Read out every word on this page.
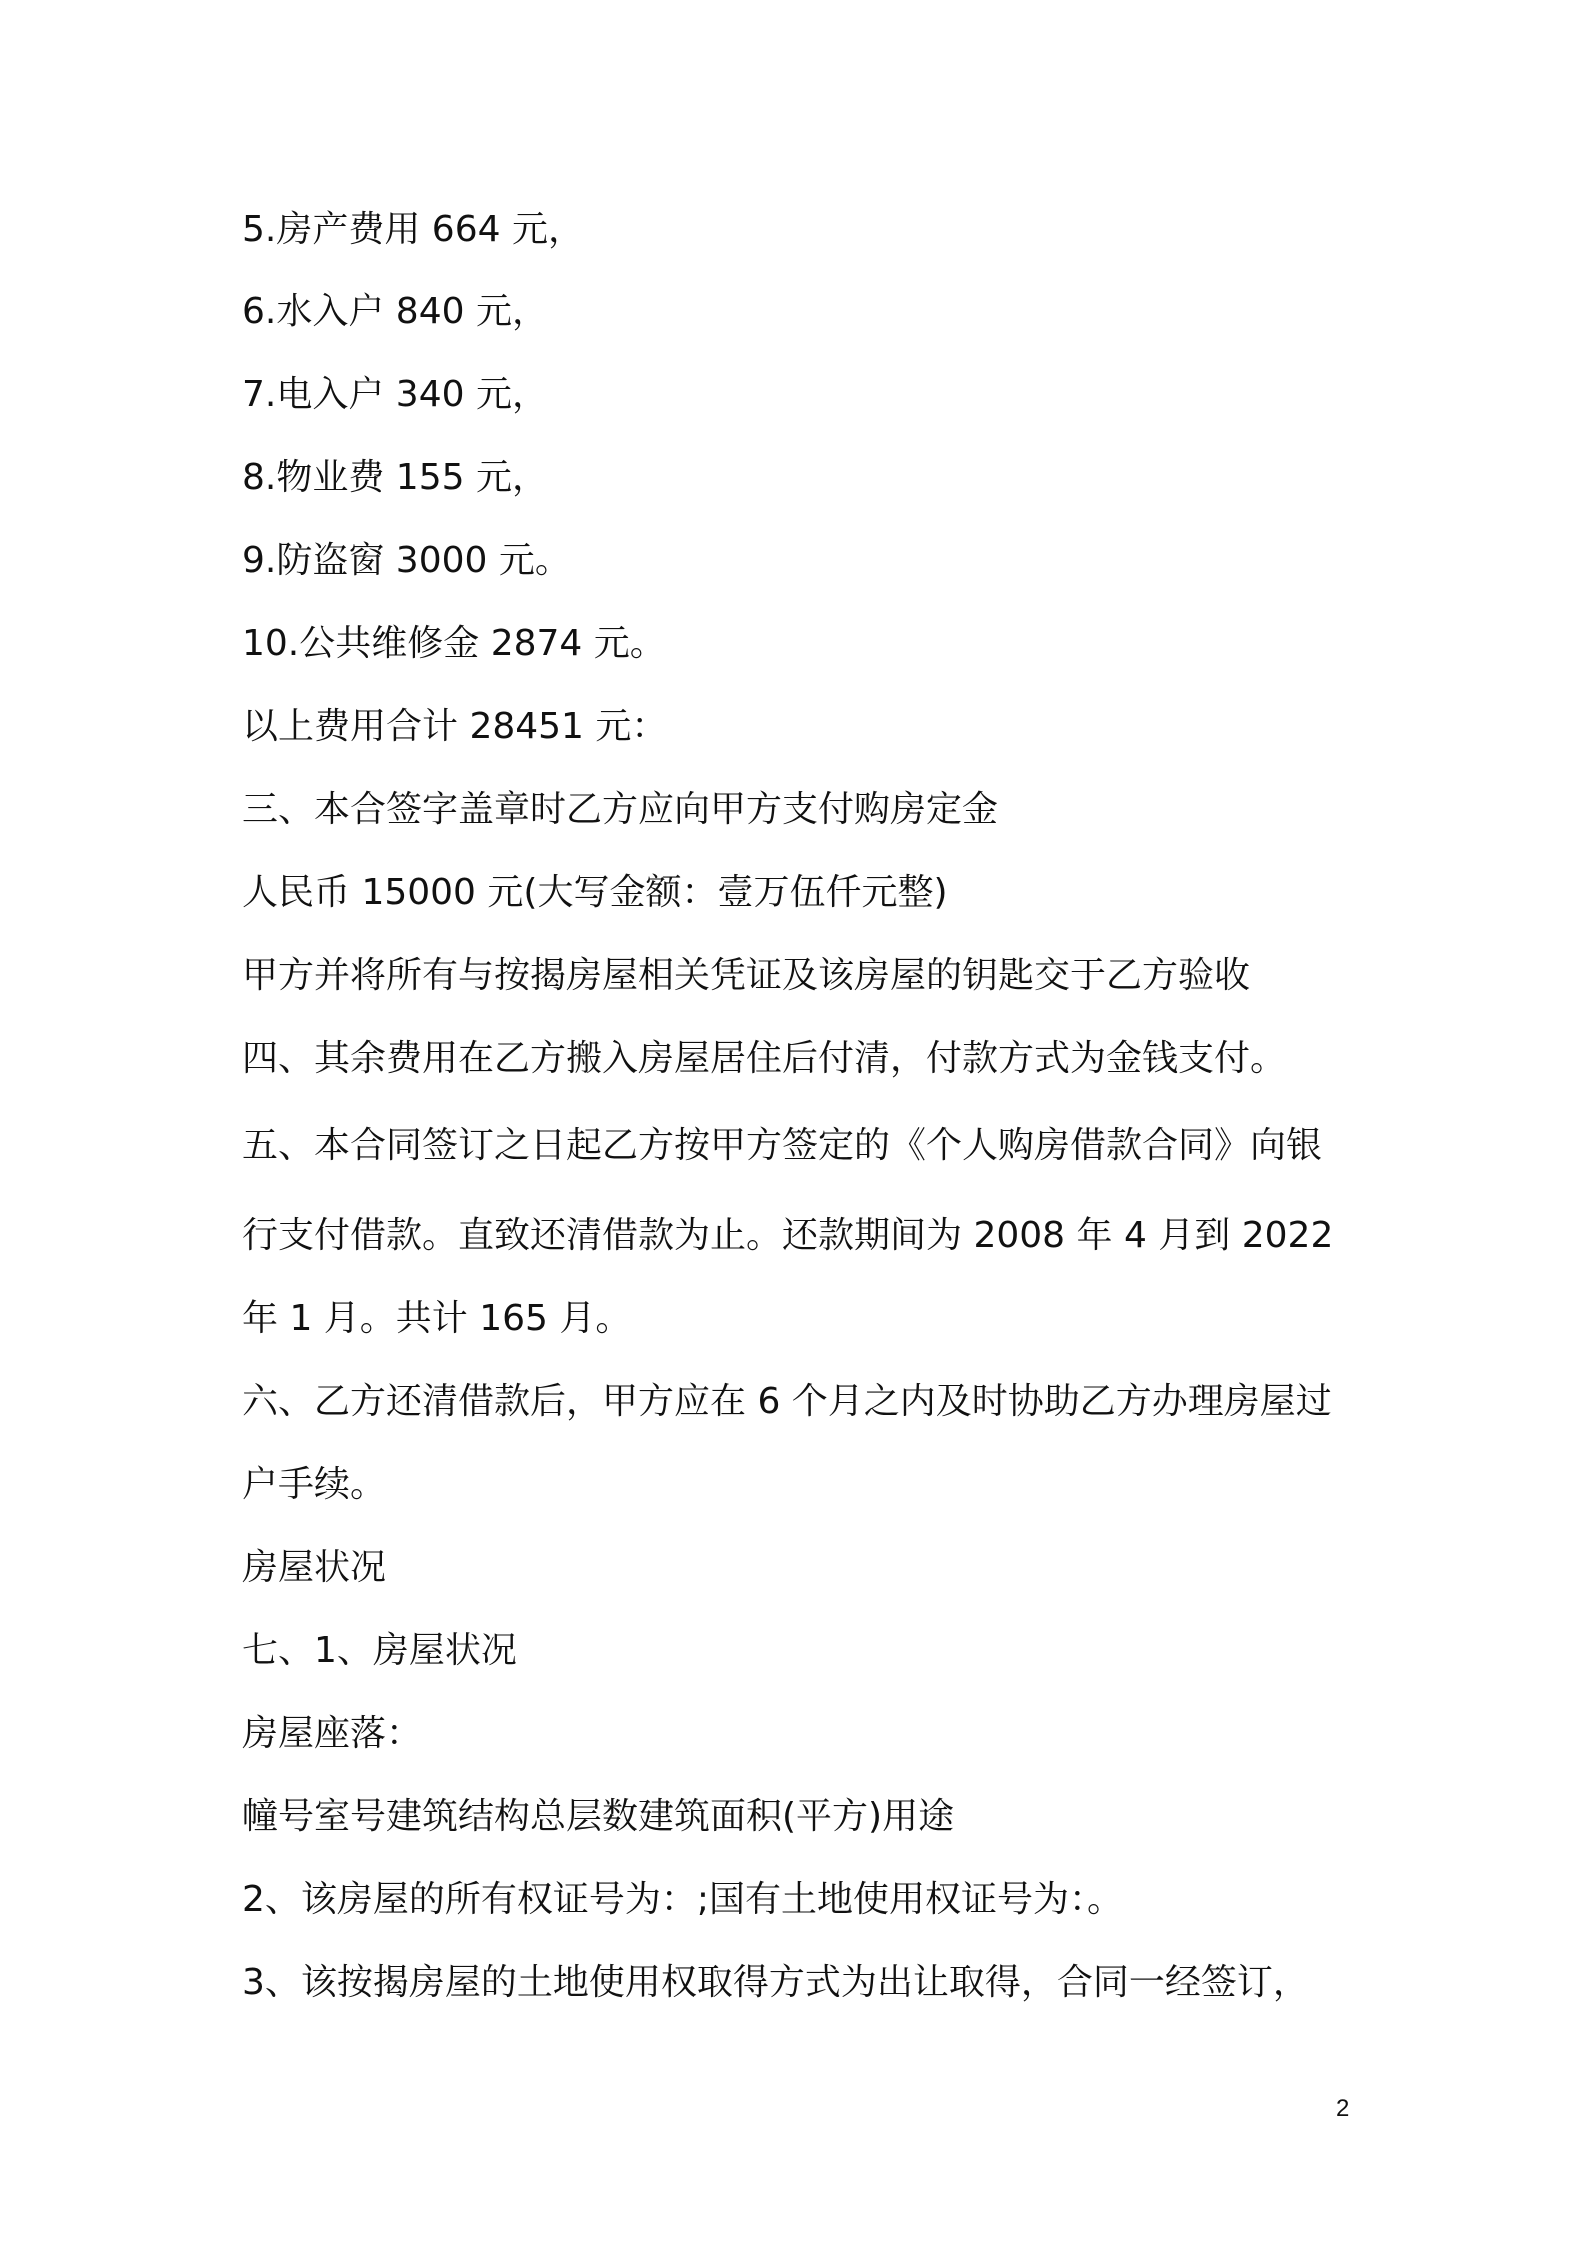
5.房产费用 664 元，
6.水入户 840 元，
7.电入户 340 元，
8.物业费 155 元，
9.防盗窗 3000 元。
10.公共维修金 2874 元。
以上费用合计 28451 元：
三、本合签字盖章时乙方应向甲方支付购房定金
人民币 15000 元(大写金额：壹万伍仟元整)
甲方并将所有与按揭房屋相关凭证及该房屋的钥匙交于乙方验收
四、其余费用在乙方搬入房屋居住后付清，付款方式为金钱支付。
五、本合同签订之日起乙方按甲方签定的《个人购房借款合同》向银
行支付借款。直致还清借款为止。还款期间为 2008 年 4 月到 2022
年 1 月。共计 165 月。
六、乙方还清借款后，甲方应在 6 个月之内及时协助乙方办理房屋过
户手续。
房屋状况
七、1、房屋状况
房屋座落：
幢号室号建筑结构总层数建筑面积(平方)用途
2、该房屋的所有权证号为：;国有土地使用权证号为：。
3、该按揭房屋的土地使用权取得方式为出让取得，合同一经签订，
2
